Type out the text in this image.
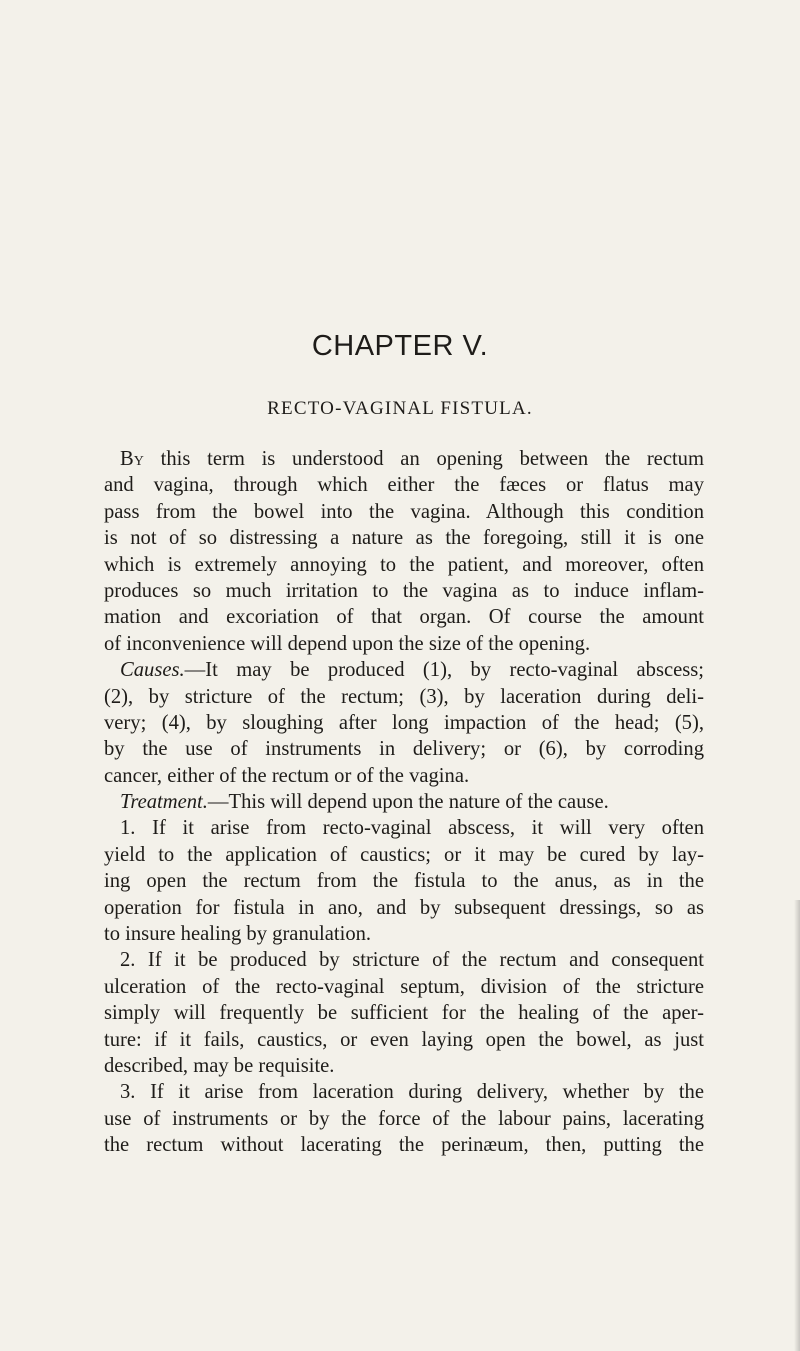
CHAPTER V.
RECTO-VAGINAL FISTULA.
By this term is understood an opening between the rectum
and vagina, through which either the fæces or flatus may
pass from the bowel into the vagina. Although this condition
is not of so distressing a nature as the foregoing, still it is one
which is extremely annoying to the patient, and moreover, often
produces so much irritation to the vagina as to induce inflam-
mation and excoriation of that organ. Of course the amount
of inconvenience will depend upon the size of the opening.
Causes.—It may be produced (1), by recto-vaginal abscess;
(2), by stricture of the rectum; (3), by laceration during deli-
very; (4), by sloughing after long impaction of the head; (5),
by the use of instruments in delivery; or (6), by corroding
cancer, either of the rectum or of the vagina.
Treatment.—This will depend upon the nature of the cause.
1. If it arise from recto-vaginal abscess, it will very often
yield to the application of caustics; or it may be cured by lay-
ing open the rectum from the fistula to the anus, as in the
operation for fistula in ano, and by subsequent dressings, so as
to insure healing by granulation.
2. If it be produced by stricture of the rectum and consequent
ulceration of the recto-vaginal septum, division of the stricture
simply will frequently be sufficient for the healing of the aper-
ture: if it fails, caustics, or even laying open the bowel, as just
described, may be requisite.
3. If it arise from laceration during delivery, whether by the
use of instruments or by the force of the labour pains, lacerating
the rectum without lacerating the perinæum, then, putting the
